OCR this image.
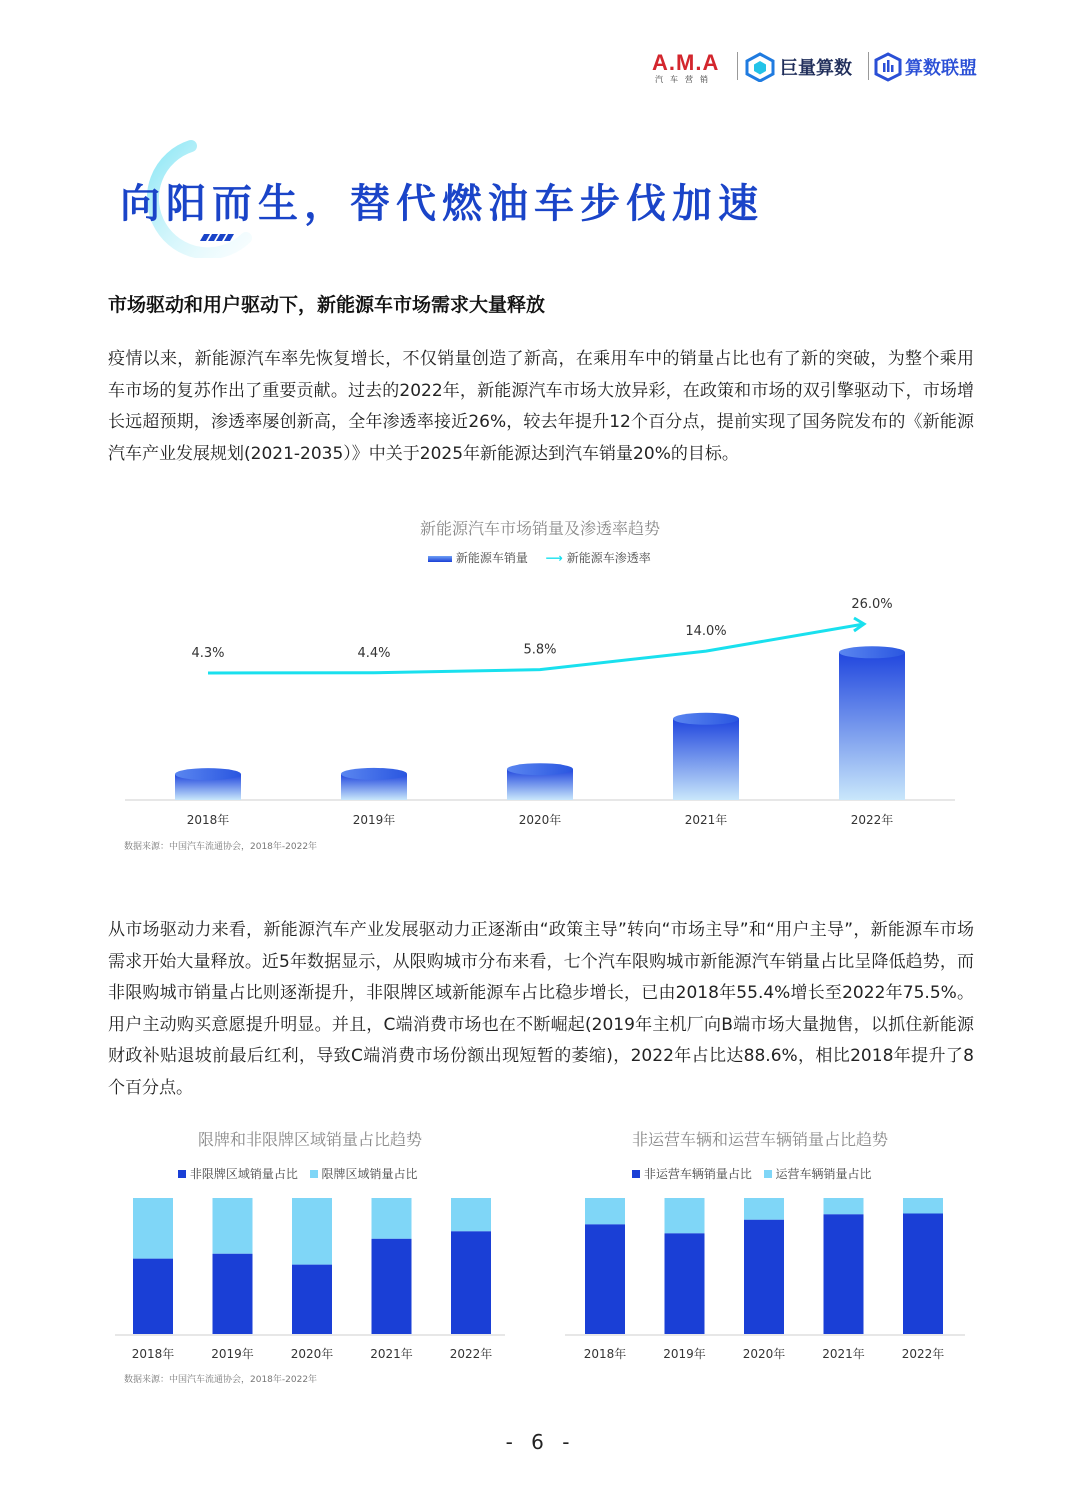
A.M.A
汽车营销
巨量算数	算数联盟
向阳而生，替代燃油车步伐加速
市场驱动和用户驱动下，新能源车市场需求大量释放

疫情以来，新能源汽车率先恢复增长，不仅销量创造了新高，在乘用车中的销量占比也有了新的突破，为整个乘用车市场的复苏作出了重要贡献。过去的2022年，新能源汽车市场大放异彩，在政策和市场的双引擎驱动下，市场增长远超预期，渗透率屡创新高，全年渗透率接近26%，较去年提升12个百分点，提前实现了国务院发布的《新能源汽车产业发展规划(2021-2035）》中关于2025年新能源达到汽车销量20%的目标。

新能源汽车市场销量及渗透率趋势
新能源车销量 ⟶ 新能源车渗透率
2018年	2019年	2020年	2021年	2022年
4.3%	4.4%	5.8%
14.0%
26.0%
数据来源：中国汽车流通协会，2018年-2022年

从市场驱动力来看，新能源汽车产业发展驱动力正逐渐由“政策主导”转向“市场主导”和“用户主导”，新能源车市场需求开始大量释放。近5年数据显示，从限购城市分布来看，七个汽车限购城市新能源汽车销量占比呈降低趋势，而非限购城市销量占比则逐渐提升，非限牌区域新能源车占比稳步增长，已由2018年55.4%增长至2022年75.5%。用户主动购买意愿提升明显。并且，C端消费市场也在不断崛起(2019年主机厂向B端市场大量抛售，以抓住新能源财政补贴退坡前最后红利，导致C端消费市场份额出现短暂的萎缩)，2022年占比达88.6%，相比2018年提升了8个百分点。

限牌和非限牌区域销量占比趋势
非限牌区域销量占比 限牌区域销量占比
2018年	2019年	2020年	2021年	2022年
非运营车辆和运营车辆销量占比趋势
非运营车辆销量占比 运营车辆销量占比
2018年	2019年	2020年	2021年	2022年
数据来源：中国汽车流通协会，2018年-2022年
- 6 -
